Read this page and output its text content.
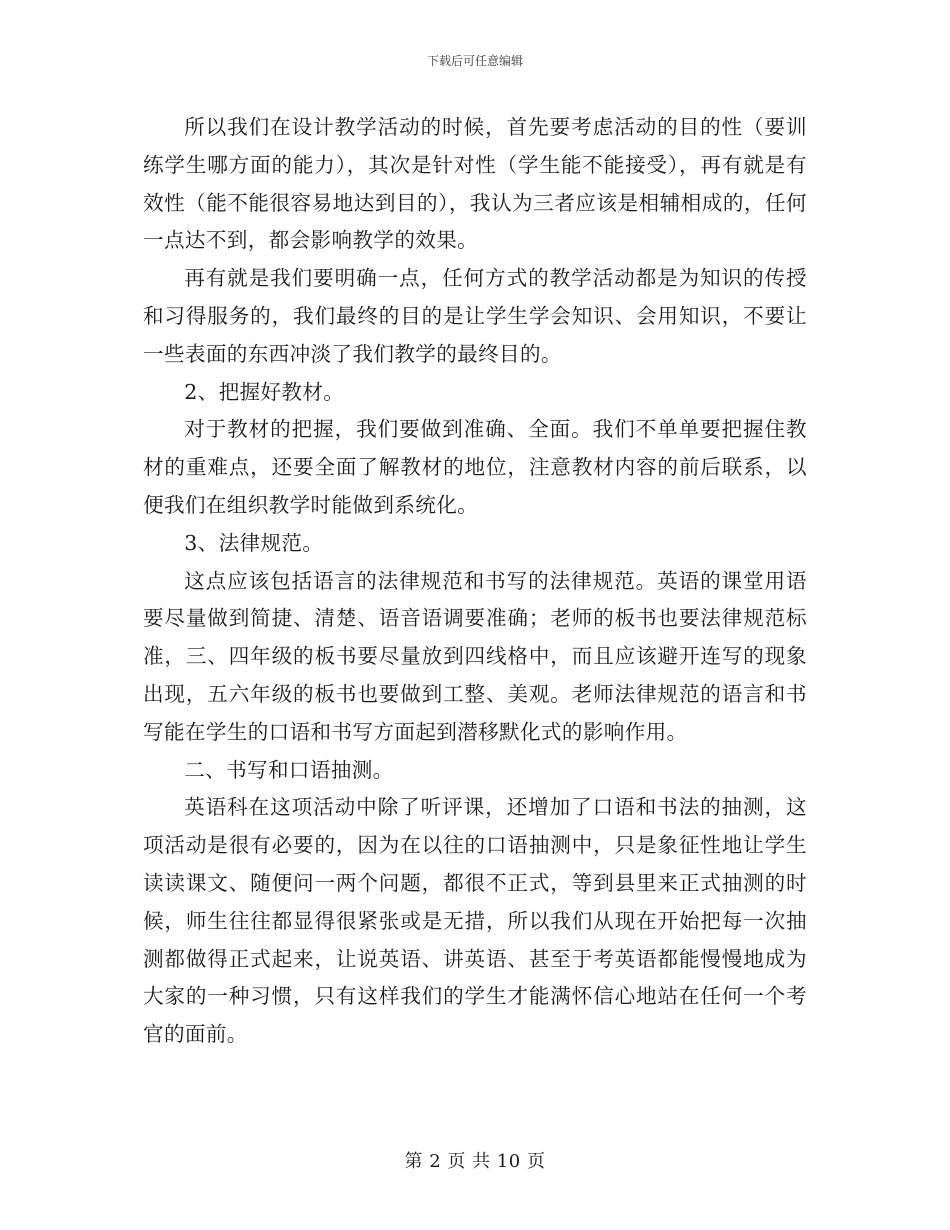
下载后可任意编辑

所以我们在设计教学活动的时候，首先要考虑活动的目的性（要训练学生哪方面的能力），其次是针对性（学生能不能接受），再有就是有效性（能不能很容易地达到目的），我认为三者应该是相辅相成的，任何一点达不到，都会影响教学的效果。

再有就是我们要明确一点，任何方式的教学活动都是为知识的传授和习得服务的，我们最终的目的是让学生学会知识、会用知识，不要让一些表面的东西冲淡了我们教学的最终目的。

2、把握好教材。

对于教材的把握，我们要做到准确、全面。我们不单单要把握住教材的重难点，还要全面了解教材的地位，注意教材内容的前后联系，以便我们在组织教学时能做到系统化。

3、法律规范。

这点应该包括语言的法律规范和书写的法律规范。英语的课堂用语要尽量做到简捷、清楚、语音语调要准确；老师的板书也要法律规范标准，三、四年级的板书要尽量放到四线格中，而且应该避开连写的现象出现，五六年级的板书也要做到工整、美观。老师法律规范的语言和书写能在学生的口语和书写方面起到潜移默化式的影响作用。

二、书写和口语抽测。

英语科在这项活动中除了听评课，还增加了口语和书法的抽测，这项活动是很有必要的，因为在以往的口语抽测中，只是象征性地让学生读读课文、随便问一两个问题，都很不正式，等到县里来正式抽测的时候，师生往往都显得很紧张或是无措，所以我们从现在开始把每一次抽测都做得正式起来，让说英语、讲英语、甚至于考英语都能慢慢地成为大家的一种习惯，只有这样我们的学生才能满怀信心地站在任何一个考官的面前。

第 2 页 共 10 页
